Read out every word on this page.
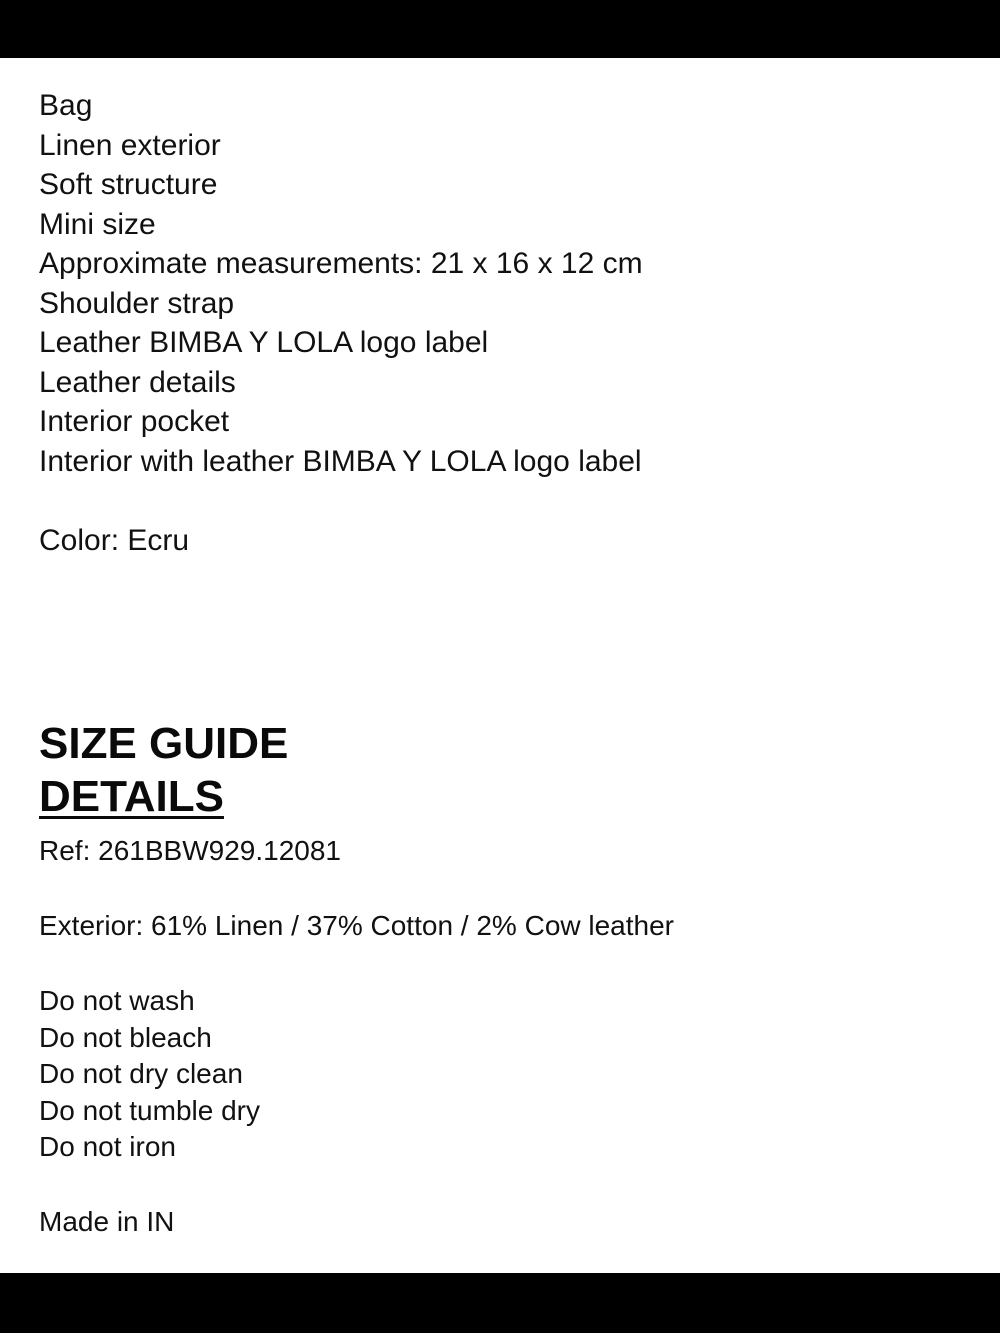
Bag
Linen exterior
Soft structure
Mini size
Approximate measurements: 21 x 16 x 12 cm
Shoulder strap
Leather BIMBA Y LOLA logo label
Leather details
Interior pocket
Interior with leather BIMBA Y LOLA logo label
Color: Ecru
SIZE GUIDE
DETAILS
Ref: 261BBW929.12081
Exterior: 61% Linen / 37% Cotton / 2% Cow leather
Do not wash
Do not bleach
Do not dry clean
Do not tumble dry
Do not iron
Made in IN
